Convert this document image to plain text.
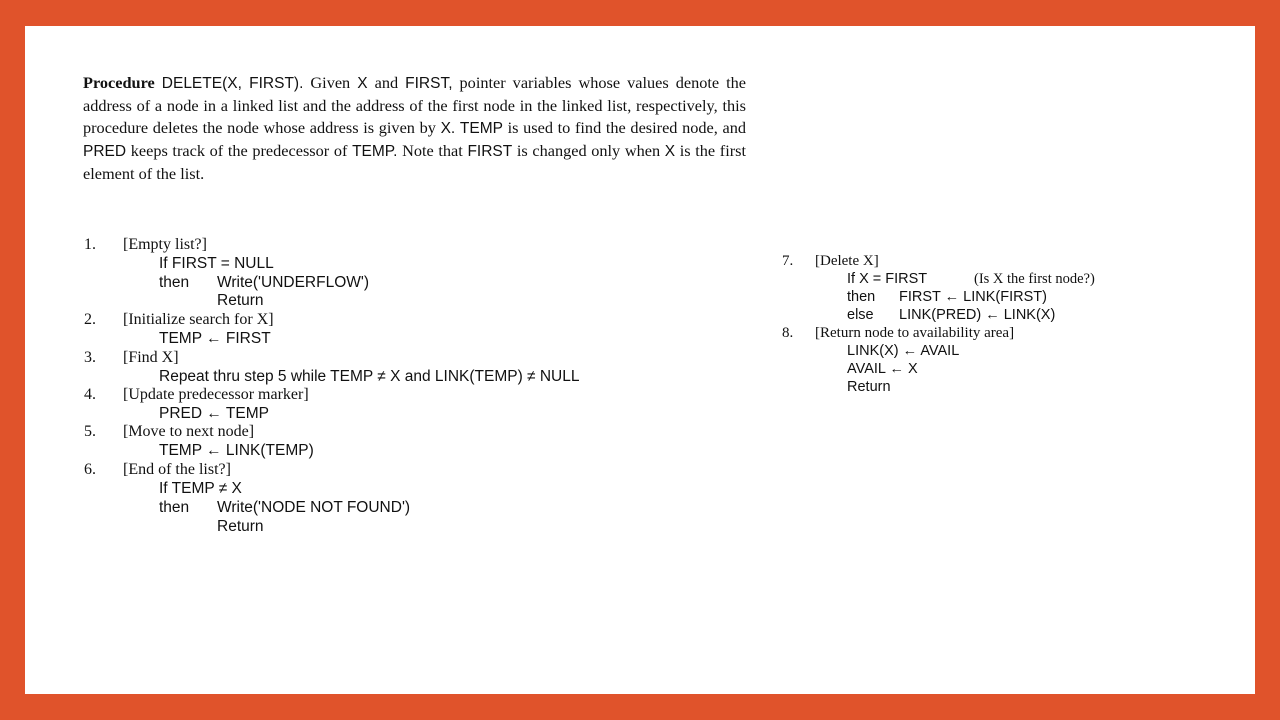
Procedure DELETE(X, FIRST). Given X and FIRST, pointer variables whose values denote the address of a node in a linked list and the address of the first node in the linked list, respectively, this procedure deletes the node whose address is given by X. TEMP is used to find the desired node, and PRED keeps track of the predecessor of TEMP. Note that FIRST is changed only when X is the first element of the list.
1. [Empty list?]
If FIRST = NULL
then Write('UNDERFLOW')
Return
2. [Initialize search for X]
TEMP ← FIRST
3. [Find X]
Repeat thru step 5 while TEMP ≠ X and LINK(TEMP) ≠ NULL
4. [Update predecessor marker]
PRED ← TEMP
5. [Move to next node]
TEMP ← LINK(TEMP)
6. [End of the list?]
If TEMP ≠ X
then Write('NODE NOT FOUND')
Return
7. [Delete X]
If X = FIRST	(Is X the first node?)
then FIRST ← LINK(FIRST)
else LINK(PRED) ← LINK(X)
8. [Return node to availability area]
LINK(X) ← AVAIL
AVAIL ← X
Return
